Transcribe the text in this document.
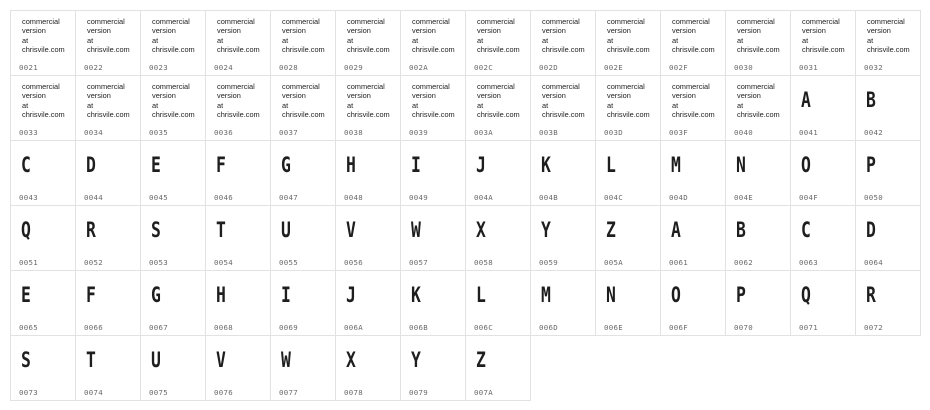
commercial
version
at
chrisvile.com
0021
commercial
version
at
chrisvile.com
0022
commercial
version
at
chrisvile.com
0023
commercial
version
at
chrisvile.com
0024
commercial
version
at
chrisvile.com
0028
commercial
version
at
chrisvile.com
0029
commercial
version
at
chrisvile.com
002A
commercial
version
at
chrisvile.com
002C
commercial
version
at
chrisvile.com
002D
commercial
version
at
chrisvile.com
002E
commercial
version
at
chrisvile.com
002F
commercial
version
at
chrisvile.com
0030
commercial
version
at
chrisvile.com
0031
commercial
version
at
chrisvile.com
0032
commercial
version
at
chrisvile.com
0033
commercial
version
at
chrisvile.com
0034
commercial
version
at
chrisvile.com
0035
commercial
version
at
chrisvile.com
0036
commercial
version
at
chrisvile.com
0037
commercial
version
at
chrisvile.com
0038
commercial
version
at
chrisvile.com
0039
commercial
version
at
chrisvile.com
003A
commercial
version
at
chrisvile.com
003B
commercial
version
at
chrisvile.com
003D
commercial
version
at
chrisvile.com
003F
commercial
version
at
chrisvile.com
0040
A
0041
B
0042
C
0043
D
0044
E
0045
F
0046
G
0047
H
0048
I
0049
J
004A
K
004B
L
004C
M
004D
N
004E
O
004F
P
0050
Q
0051
R
0052
S
0053
T
0054
U
0055
V
0056
W
0057
X
0058
Y
0059
Z
005A
A
0061
B
0062
C
0063
D
0064
E
0065
F
0066
G
0067
H
0068
I
0069
J
006A
K
006B
L
006C
M
006D
N
006E
O
006F
P
0070
Q
0071
R
0072
S
0073
T
0074
U
0075
V
0076
W
0077
X
0078
Y
0079
Z
007A
